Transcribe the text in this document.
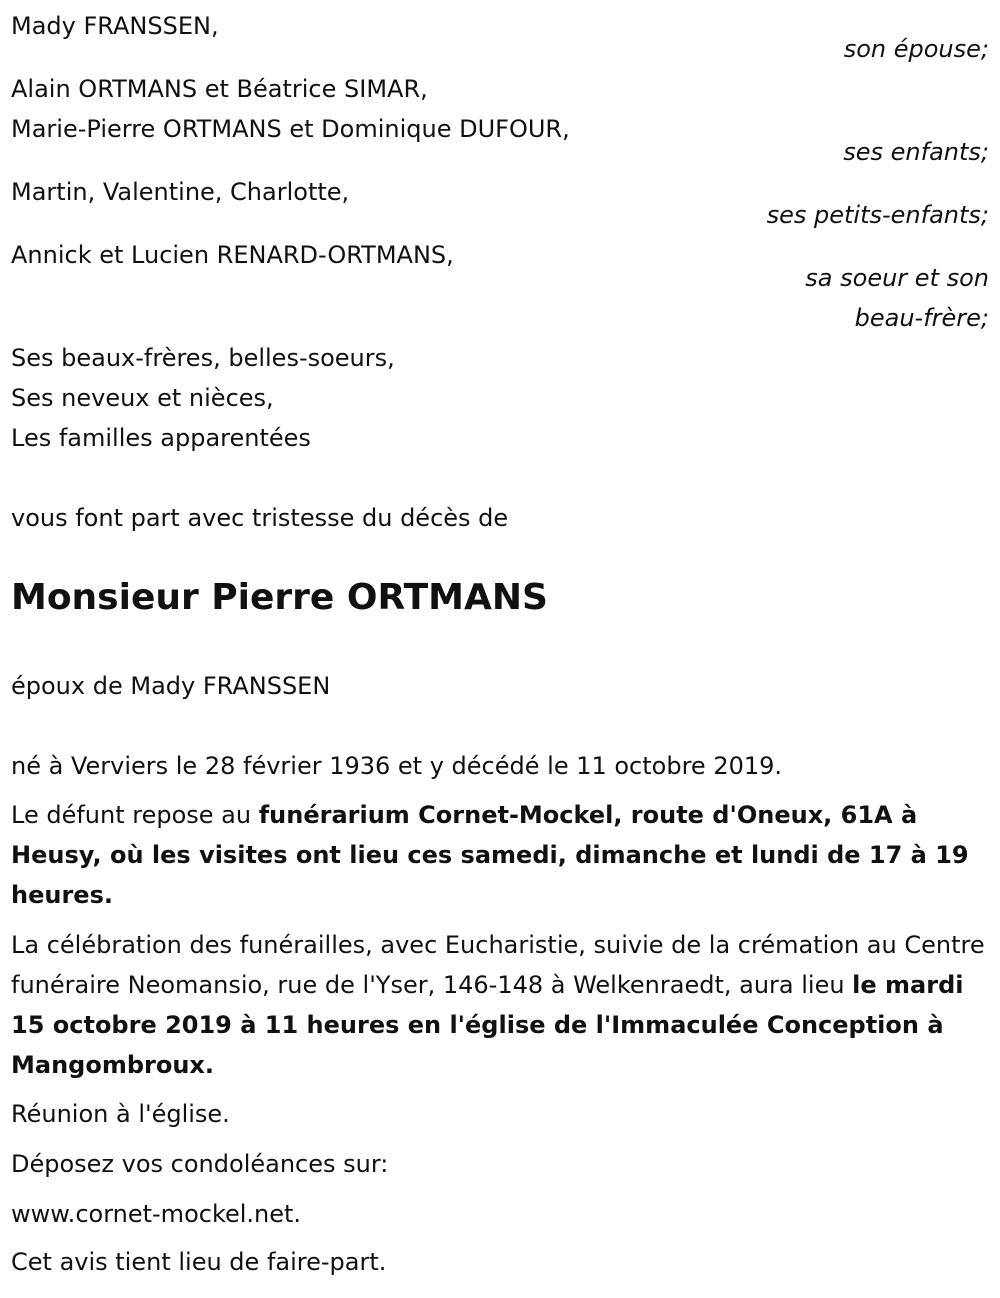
Mady FRANSSEN,

son épouse;

Alain ORTMANS et Béatrice SIMAR,

Marie-Pierre ORTMANS et Dominique DUFOUR,

ses enfants;

Martin, Valentine, Charlotte,

ses petits-enfants;

Annick et Lucien RENARD-ORTMANS,

sa soeur et son

beau-frère;

Ses beaux-frères, belles-soeurs,

Ses neveux et nièces,

Les familles apparentées

vous font part avec tristesse du décès de

Monsieur Pierre ORTMANS

époux de Mady FRANSSEN

né à Verviers le 28 février 1936 et y décédé le 11 octobre 2019.

Le défunt repose au funérarium Cornet-Mockel, route d'Oneux, 61A à Heusy, où les visites ont lieu ces samedi, dimanche et lundi de 17 à 19 heures.

La célébration des funérailles, avec Eucharistie, suivie de la crémation au Centre funéraire Neomansio, rue de l'Yser, 146-148 à Welkenraedt, aura lieu le mardi 15 octobre 2019 à 11 heures en l'église de l'Immaculée Conception à Mangombroux.

Réunion à l'église.

Déposez vos condoléances sur:

www.cornet-mockel.net.

Cet avis tient lieu de faire-part.
